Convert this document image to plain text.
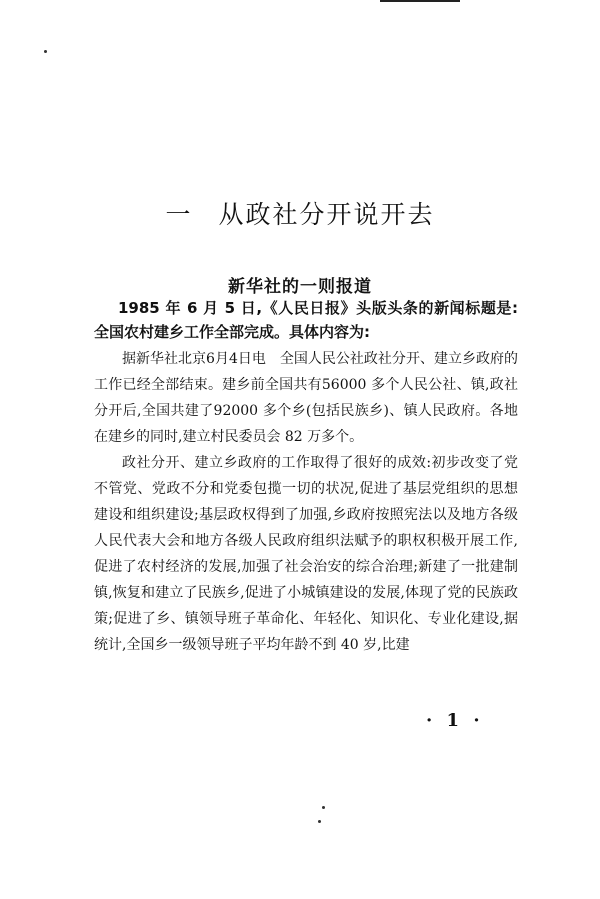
一 从政社分开说开去
新华社的一则报道

1985 年 6 月 5 日,《人民日报》头版头条的新闻标题是:全国农村建乡工作全部完成。具体内容为:

据新华社北京6月4日电　全国人民公社政社分开、建立乡政府的工作已经全部结束。建乡前全国共有56000 多个人民公社、镇,政社分开后,全国共建了92000 多个乡(包括民族乡)、镇人民政府。各地在建乡的同时,建立村民委员会 82 万多个。

政社分开、建立乡政府的工作取得了很好的成效:初步改变了党不管党、党政不分和党委包揽一切的状况,促进了基层党组织的思想建设和组织建设;基层政权得到了加强,乡政府按照宪法以及地方各级人民代表大会和地方各级人民政府组织法赋予的职权积极开展工作,促进了农村经济的发展,加强了社会治安的综合治理;新建了一批建制镇,恢复和建立了民族乡,促进了小城镇建设的发展,体现了党的民族政策;促进了乡、镇领导班子革命化、年轻化、知识化、专业化建设,据统计,全国乡一级领导班子平均年龄不到 40 岁,比建

· 1 ·
